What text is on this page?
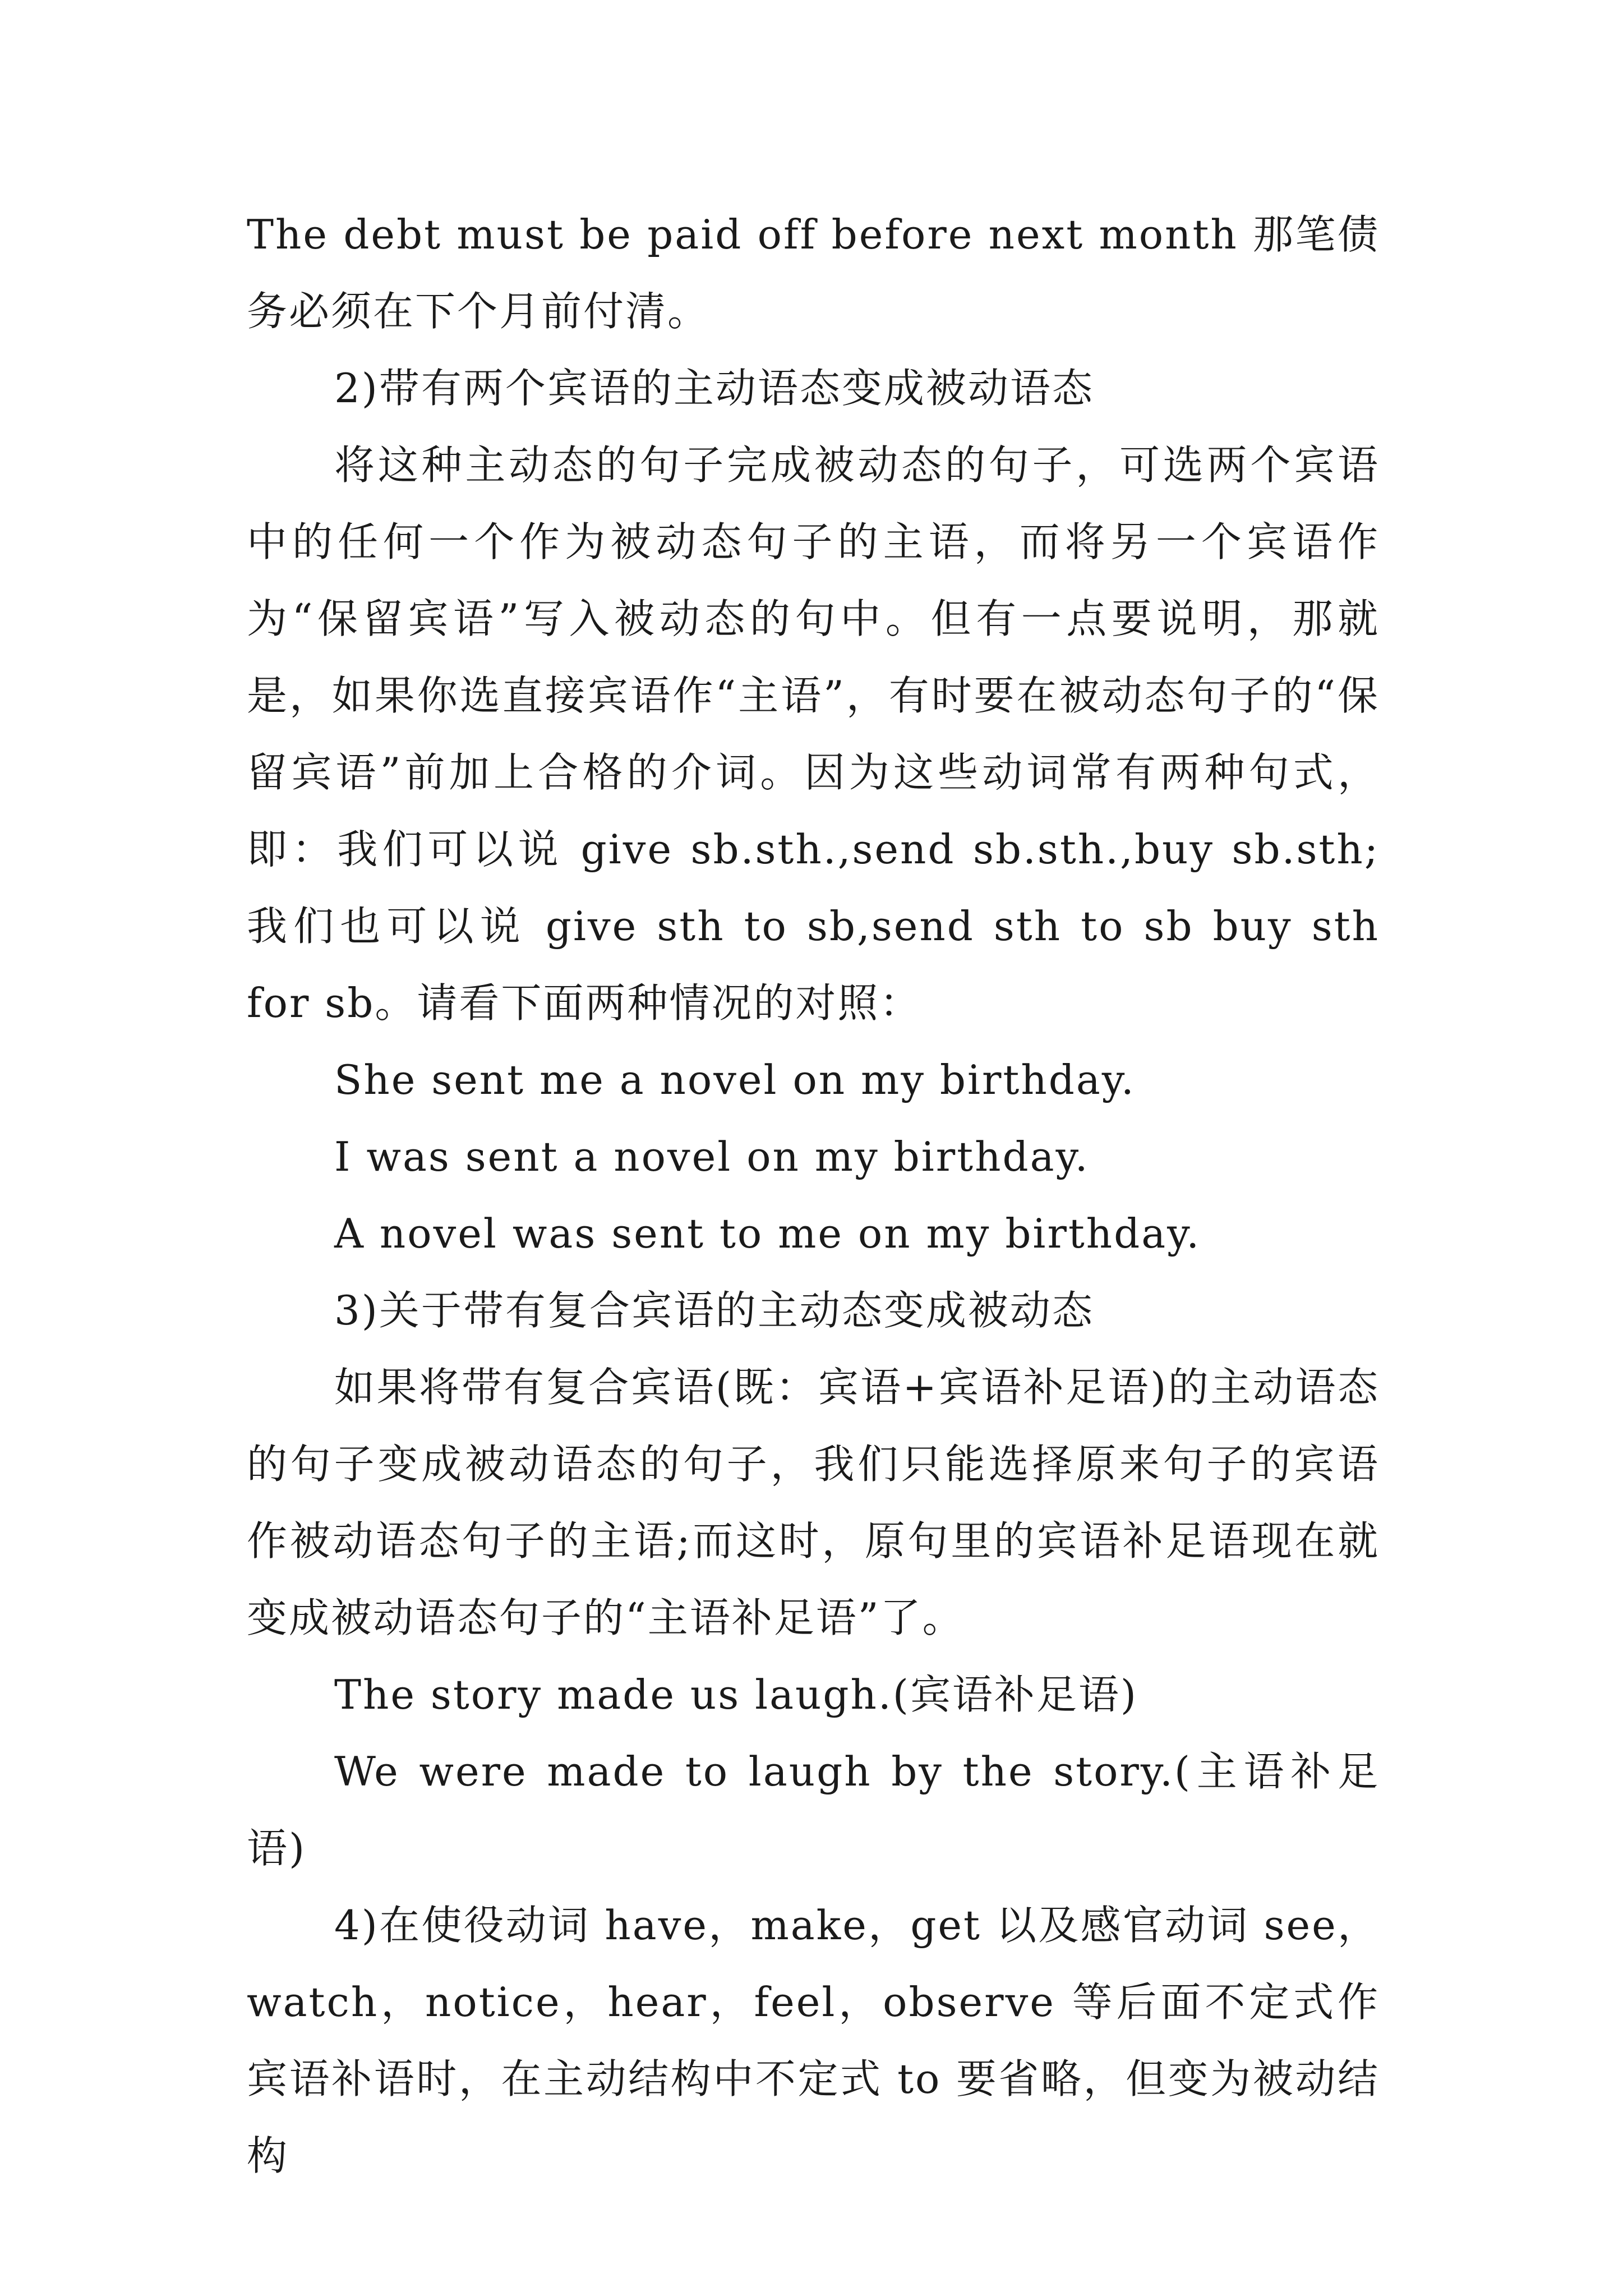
The debt must be paid off before next month 那笔债务必须在下个月前付清。

2)带有两个宾语的主动语态变成被动语态

将这种主动态的句子完成被动态的句子，可选两个宾语中的任何一个作为被动态句子的主语，而将另一个宾语作为“保留宾语”写入被动态的句中。但有一点要说明，那就是，如果你选直接宾语作“主语”，有时要在被动态句子的“保留宾语”前加上合格的介词。因为这些动词常有两种句式，即：我们可以说 give sb.sth.,send sb.sth.,buy sb.sth;我们也可以说 give sth to sb,send sth to sb buy sth for sb。请看下面两种情况的对照：

She sent me a novel on my birthday.

I was sent a novel on my birthday.

A novel was sent to me on my birthday.

3)关于带有复合宾语的主动态变成被动态

如果将带有复合宾语(既：宾语+宾语补足语)的主动语态的句子变成被动语态的句子，我们只能选择原来句子的宾语作被动语态句子的主语;而这时，原句里的宾语补足语现在就变成被动语态句子的“主语补足语”了。

The story made us laugh.(宾语补足语)

We were made to laugh by the story.(主语补足语)

4)在使役动词 have，make，get 以及感官动词 see，watch，notice，hear，feel，observe 等后面不定式作宾语补语时，在主动结构中不定式 to 要省略，但变为被动结构
